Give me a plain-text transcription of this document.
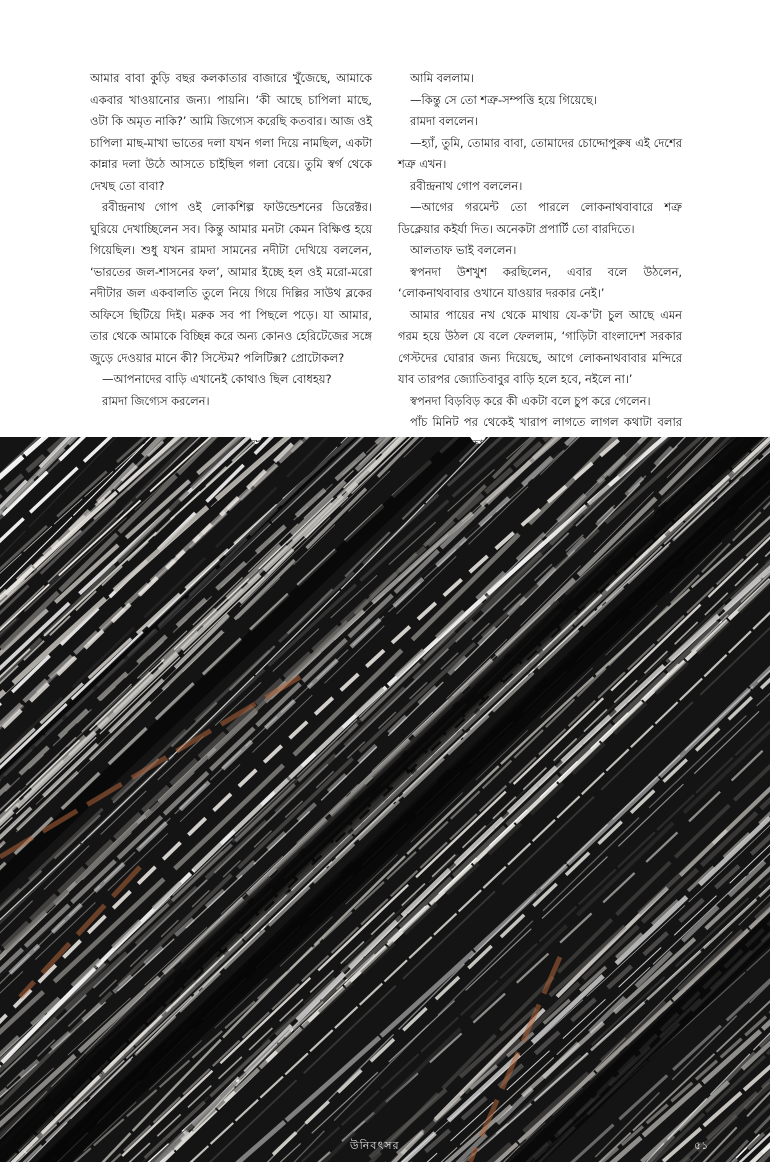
আমার বাবা কুড়ি বছর কলকাতার বাজারে খুঁজেছে, আমাকে একবার খাওয়ানোর জন্য। পায়নি। ‘কী আছে চাপিলা মাছে, ওটা কি অমৃত নাকি?’ আমি জিগ্যেস করেছি কতবার। আজ ওই চাপিলা মাছ-মাখা ভাতের দলা যখন গলা দিয়ে নামছিল, একটা কান্নার দলা উঠে আসতে চাইছিল গলা বেয়ে। তুমি স্বর্গ থেকে দেখছ তো বাবা?

রবীন্দ্রনাথ গোপ ওই লোকশিল্প ফাউন্ডেশনের ডিরেক্টর। ঘুরিয়ে দেখাচ্ছিলেন সব। কিন্তু আমার মনটা কেমন বিক্ষিপ্ত হয়ে গিয়েছিল। শুধু যখন রামদা সামনের নদীটা দেখিয়ে বললেন, ‘ভারতের জল-শাসনের ফল’, আমার ইচ্ছে হল ওই মরো-মরো নদীটার জল একবালতি তুলে নিয়ে গিয়ে দিল্লির সাউথ ব্লকের অফিসে ছিটিয়ে দিই। মরুক সব পা পিছলে পড়ে। যা আমার, তার থেকে আমাকে বিচ্ছিন্ন করে অন্য কোনও হেরিটেজের সঙ্গে জুড়ে দেওয়ার মানে কী? সিস্টেম? পলিটিক্স? প্রোটোকল?

—আপনাদের বাড়ি এখানেই কোথাও ছিল বোধহয়?

রামদা জিগ্যেস করলেন।

আমি বললাম।

—কিন্তু সে তো শত্রু-সম্পত্তি হয়ে গিয়েছে।

রামদা বললেন।

—হ্যাঁ, তুমি, তোমার বাবা, তোমাদের চোদ্দোপুরুষ এই দেশের শত্রু এখন।

রবীন্দ্রনাথ গোপ বললেন।

—আগের গরমেন্ট তো পারলে লোকনাথবাবারে শত্রু ডিক্লেয়ার কইর্যা দিত। অনেকটা প্রপার্টি তো বারদিতে।

আলতাফ ভাই বললেন।

স্বপনদা উশখুশ করছিলেন, এবার বলে উঠলেন, ‘লোকনাথবাবার ওখানে যাওয়ার দরকার নেই।’

আমার পায়ের নখ থেকে মাথায় যে-ক’টা চুল আছে এমন গরম হয়ে উঠল যে বলে ফেললাম, ‘গাড়িটা বাংলাদেশ সরকার গেস্টদের ঘোরার জন্য দিয়েছে, আগে লোকনাথবাবার মন্দিরে যাব তারপর জ্যোতিবাবুর বাড়ি হলে হবে, নইলে না।’

স্বপনদা বিড়বিড় করে কী একটা বলে চুপ করে গেলেন।

পাঁচ মিনিট পর থেকেই খারাপ লাগতে লাগল কথাটা বলার সরকারের

উনিবৎসর	৫১
